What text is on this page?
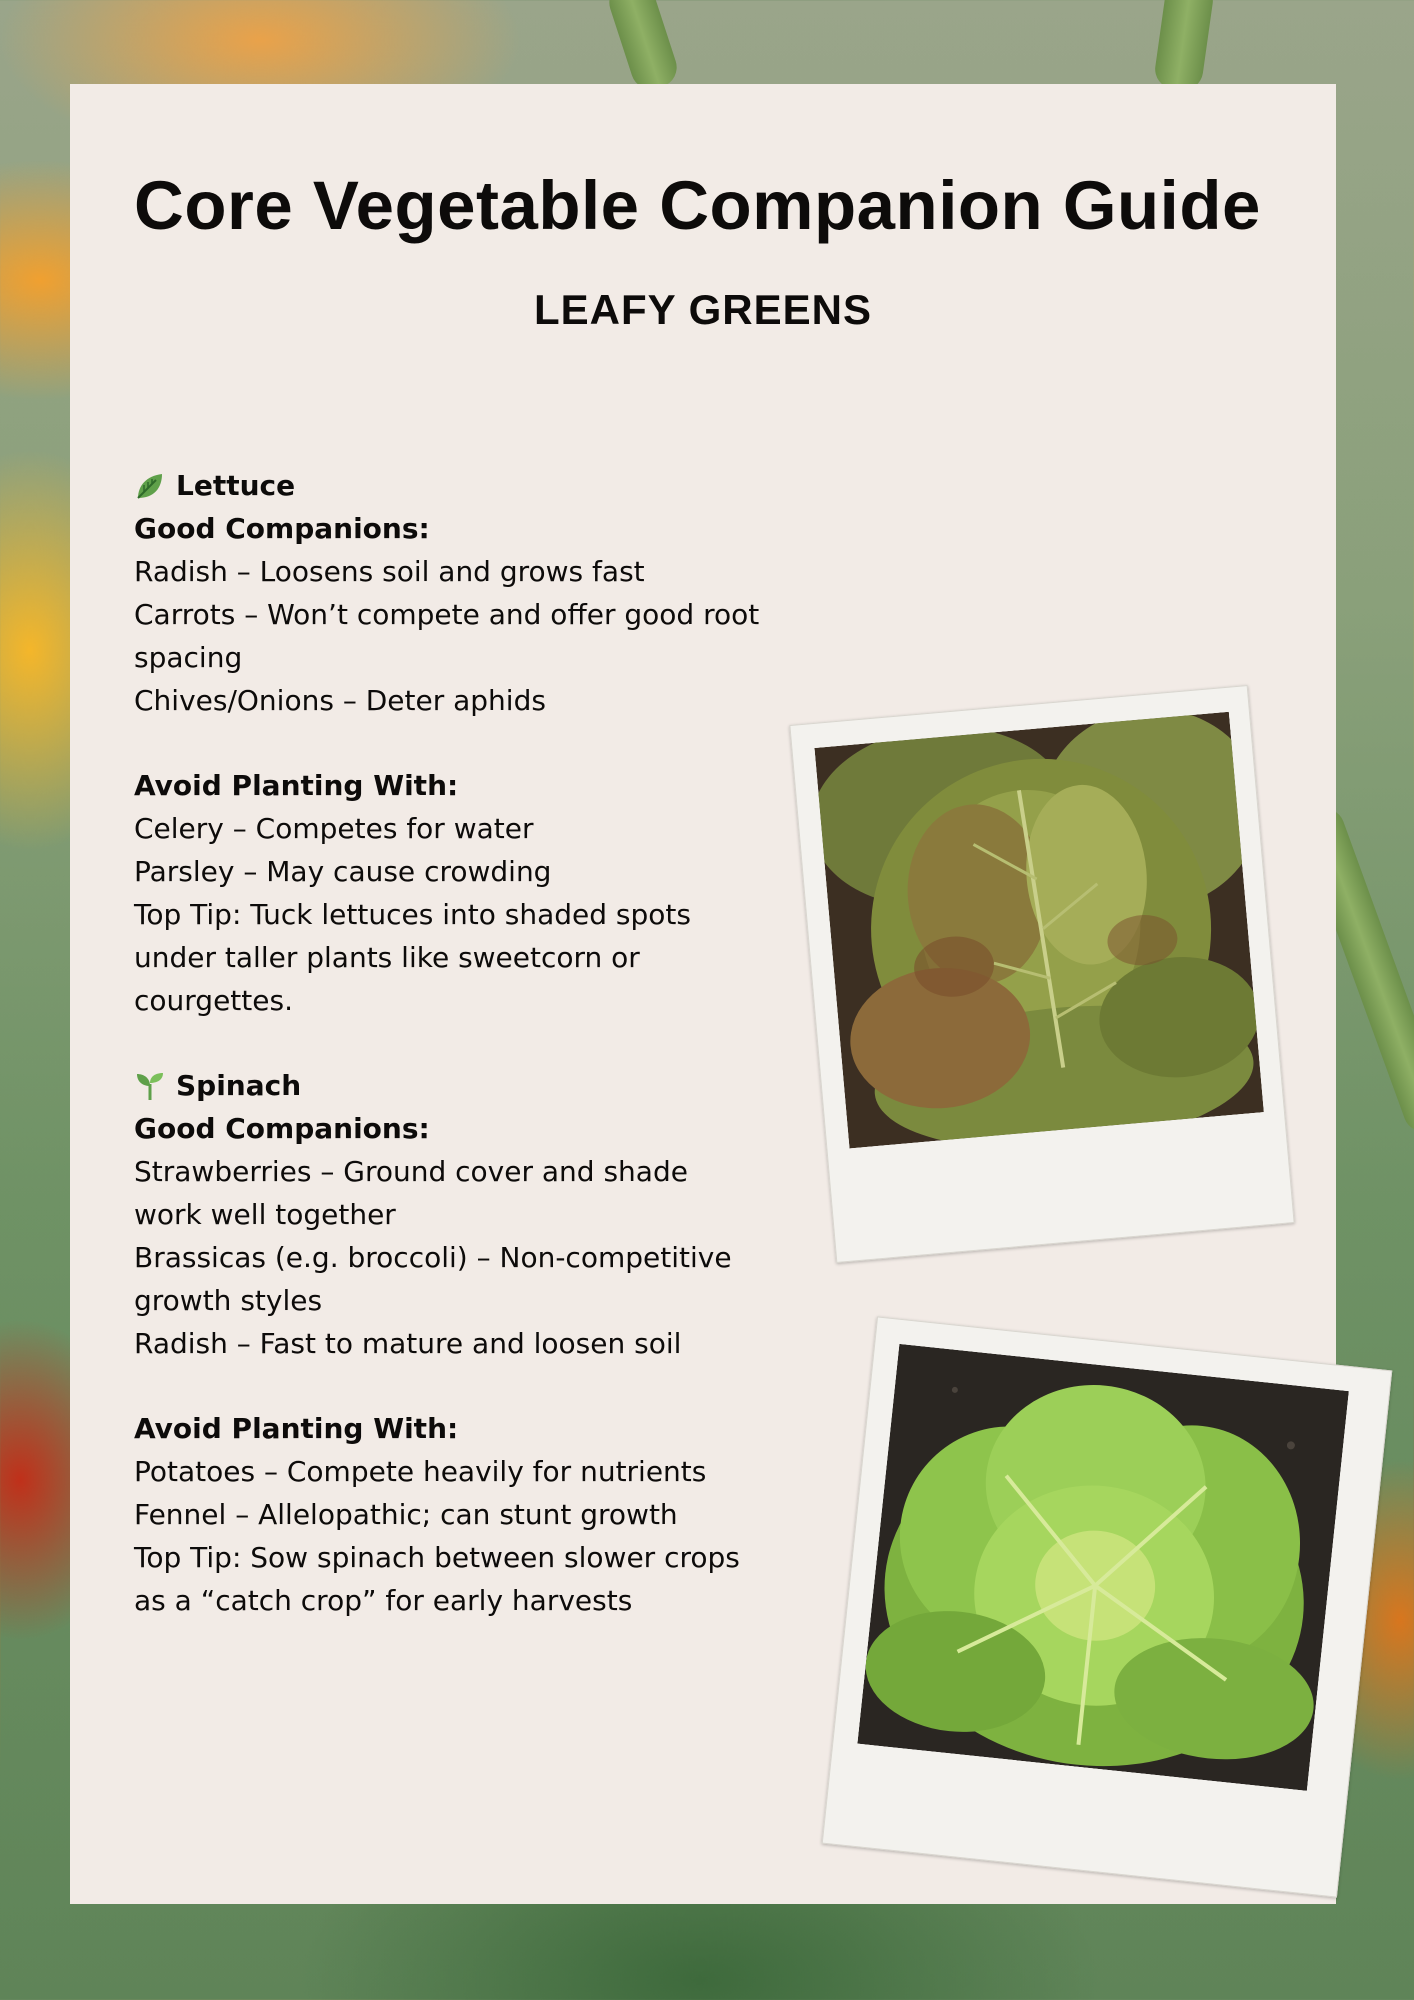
Core Vegetable Companion Guide
LEAFY GREENS
Lettuce
Good Companions:
Radish – Loosens soil and grows fast
Carrots – Won’t compete and offer good root spacing
Chives/Onions – Deter aphids
Avoid Planting With:
Celery – Competes for water
Parsley – May cause crowding
Top Tip: Tuck lettuces into shaded spots under taller plants like sweetcorn or courgettes.
Spinach
Good Companions:
Strawberries – Ground cover and shade work well together
Brassicas (e.g. broccoli) – Non-competitive growth styles
Radish – Fast to mature and loosen soil
Avoid Planting With:
Potatoes – Compete heavily for nutrients
Fennel – Allelopathic; can stunt growth
Top Tip: Sow spinach between slower crops as a “catch crop” for early harvests
